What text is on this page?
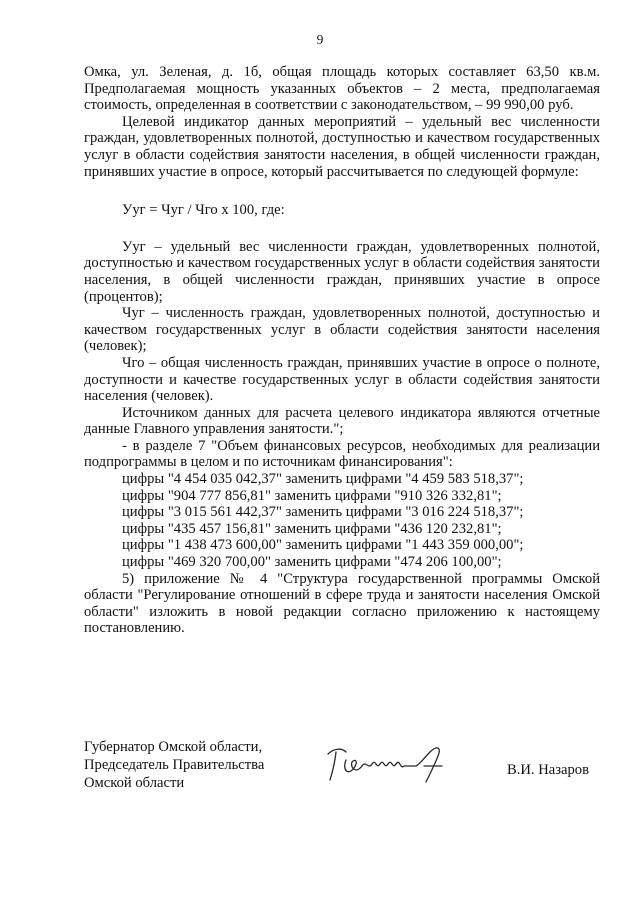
9

Омка, ул. Зеленая, д. 1б, общая площадь которых составляет 63,50 кв.м. Предполагаемая мощность указанных объектов – 2 места, предполагаемая стоимость, определенная в соответствии с законодательством, – 99 990,00 руб.

Целевой индикатор данных мероприятий – удельный вес численности граждан, удовлетворенных полнотой, доступностью и качеством государственных услуг в области содействия занятости населения, в общей численности граждан, принявших участие в опросе, который рассчитывается по следующей формуле:

Ууг = Чуг / Чго х 100, где:

Ууг – удельный вес численности граждан, удовлетворенных полнотой, доступностью и качеством государственных услуг в области содействия занятости населения, в общей численности граждан, принявших участие в опросе (процентов);

Чуг – численность граждан, удовлетворенных полнотой, доступностью и качеством государственных услуг в области содействия занятости населения (человек);

Чго – общая численность граждан, принявших участие в опросе о полноте, доступности и качестве государственных услуг в области содействия занятости населения (человек).

Источником данных для расчета целевого индикатора являются отчетные данные Главного управления занятости.";

- в разделе 7 "Объем финансовых ресурсов, необходимых для реализации подпрограммы в целом и по источникам финансирования":

цифры "4 454 035 042,37" заменить цифрами "4 459 583 518,37";

цифры "904 777 856,81" заменить цифрами "910 326 332,81";

цифры "3 015 561 442,37" заменить цифрами "3 016 224 518,37";

цифры "435 457 156,81" заменить цифрами "436 120 232,81";

цифры "1 438 473 600,00" заменить цифрами "1 443 359 000,00";

цифры "469 320 700,00" заменить цифрами "474 206 100,00";

5) приложение № 4 "Структура государственной программы Омской области "Регулирование отношений в сфере труда и занятости населения Омской области" изложить в новой редакции согласно приложению к настоящему постановлению.

Губернатор Омской области,
Председатель Правительства
Омской области
В.И. Назаров
